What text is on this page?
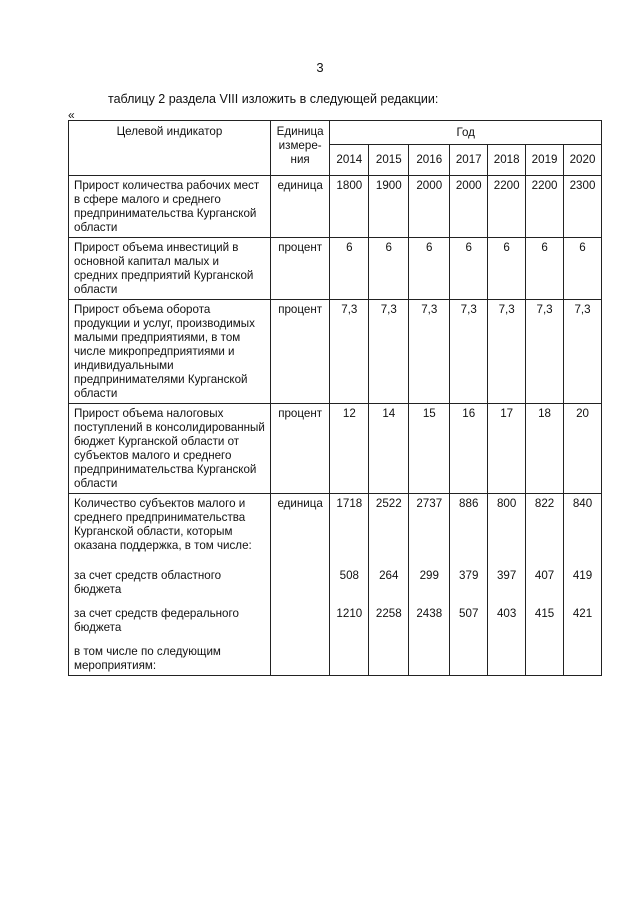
3
таблицу 2 раздела VIII изложить в следующей редакции:
«
Целевой индикатор	Единица измере-ния	Год						
		2014	2015	2016	2017	2018	2019	2020
Прирост количества рабочих мест в сфере малого и среднего предпринимательства Курганской области	единица	1800	1900	2000	2000	2200	2200	2300
Прирост объема инвестиций в основной капитал малых и средних предприятий Курганской области	процент	6	6	6	6	6	6	6
Прирост объема оборота продукции и услуг, производимых малыми предприятиями, в том числе микропредприятиями и индивидуальными предпринимателями Курганской области	процент	7,3	7,3	7,3	7,3	7,3	7,3	7,3
Прирост объема налоговых поступлений в консолидированный бюджет Курганской области от субъектов малого и среднего предпринимательства Курганской области	процент	12	14	15	16	17	18	20
Количество субъектов малого и среднего предпринимательства Курганской области, которым оказана поддержка, в том числе:	единица	1718	2522	2737	886	800	822	840
за счет средств областного бюджета		508	264	299	379	397	407	419
за счет средств федерального бюджета		1210	2258	2438	507	403	415	421
в том числе по следующим мероприятиям:								
